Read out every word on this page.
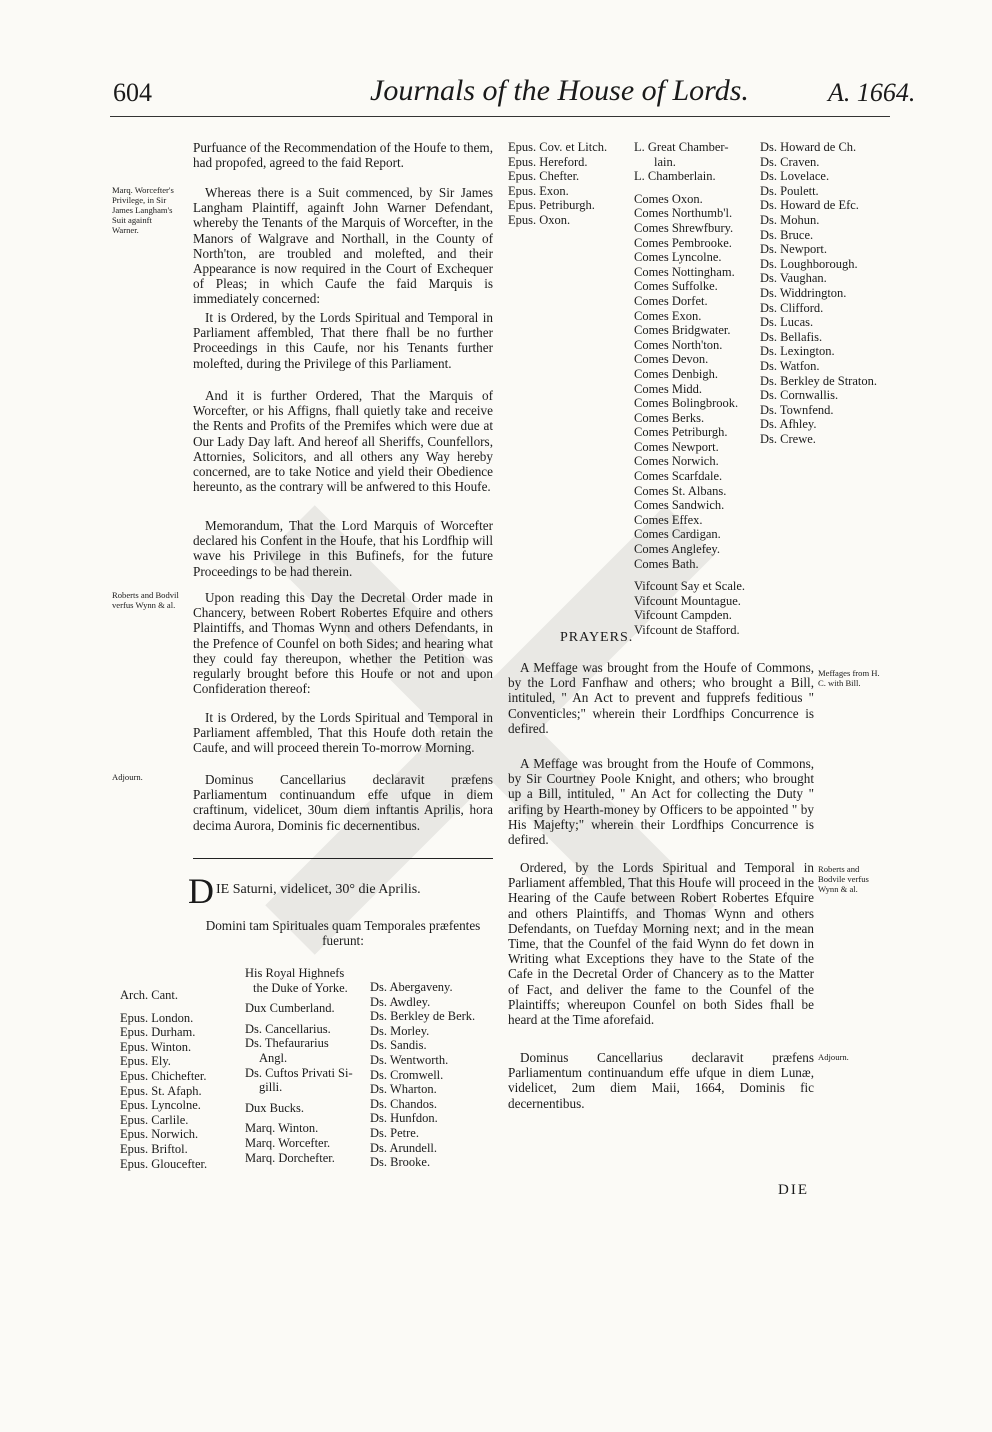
604	Journals of the House of Lords.	A. 1664.

Purfuance of the Recommendation of the Houfe to them, had propofed, agreed to the faid Report.

Marq. Worcefter's Privilege, in Sir James Langham's Suit againft Warner.

Whereas there is a Suit commenced, by Sir James Langham Plaintiff, againft John Warner Defendant, whereby the Tenants of the Marquis of Worcefter, in the Manors of Walgrave and Northall, in the County of North'ton, are troubled and molefted, and their Appearance is now required in the Court of Exchequer of Pleas; in which Caufe the faid Marquis is immediately concerned:

It is Ordered, by the Lords Spiritual and Temporal in Parliament affembled, That there fhall be no further Proceedings in this Caufe, nor his Tenants further molefted, during the Privilege of this Parliament.

And it is further Ordered, That the Marquis of Worcefter, or his Affigns, fhall quietly take and receive the Rents and Profits of the Premifes which were due at Our Lady Day laft. And hereof all Sheriffs, Counfellors, Attornies, Solicitors, and all others any Way hereby concerned, are to take Notice and yield their Obedience hereunto, as the contrary will be anfwered to this Houfe.

Memorandum, That the Lord Marquis of Worcefter declared his Confent in the Houfe, that his Lordfhip will wave his Privilege in this Bufinefs, for the future Proceedings to be had therein.

Roberts and Bodvil verfus Wynn & al.	Upon reading this Day the Decretal Order made in Chancery, between Robert Robertes Efquire and others Plaintiffs, and Thomas Wynn and others Defendants, in the Prefence of Counfel on both Sides; and hearing what they could fay thereupon, whether the Petition was regularly brought before this Houfe or not and upon Confideration thereof:

It is Ordered, by the Lords Spiritual and Temporal in Parliament affembled, That this Houfe doth retain the Caufe, and will proceed therein To-morrow Morning.

Adjourn.	Dominus Cancellarius declaravit præfens Parliamentum continuandum effe ufque in diem craftinum, videlicet, 30um diem inftantis Aprilis, hora decima Aurora, Dominis fic decernentibus.

D IE Saturni, videlicet, 30° die Aprilis.

Domini tam Spirituales quam Temporales præfentes fuerunt:

Arch. Cant.
Epus. London.
Epus. Durham.
Epus. Winton.
Epus. Ely.
Epus. Chichefter.
Epus. St. Afaph.
Epus. Lyncolne.
Epus. Carlile.
Epus. Norwich.
Epus. Briftol.
Epus. Gloucefter.
His Royal Highnefs
the Duke of Yorke.
Dux Cumberland.
Ds. Cancellarius.
Ds. Thefaurarius
Angl.
Ds. Cuftos Privati Si-
gilli.
Dux Bucks.
Marq. Winton.
Marq. Worcefter.
Marq. Dorchefter.
Ds. Abergaveny.
Ds. Awdley.
Ds. Berkley de Berk.
Ds. Morley.
Ds. Sandis.
Ds. Wentworth.
Ds. Cromwell.
Ds. Wharton.
Ds. Chandos.
Ds. Hunfdon.
Ds. Petre.
Ds. Arundell.
Ds. Brooke.
Epus. Cov. et Litch.
Epus. Hereford.
Epus. Chefter.
Epus. Exon.
Epus. Petriburgh.
Epus. Oxon.
L. Great Chamber-
lain.
L. Chamberlain.
Comes Oxon.
Comes Northumb'l.
Comes Shrewfbury.
Comes Pembrooke.
Comes Lyncolne.
Comes Nottingham.
Comes Suffolke.
Comes Dorfet.
Comes Exon.
Comes Bridgwater.
Comes North'ton.
Comes Devon.
Comes Denbigh.
Comes Midd.
Comes Bolingbrook.
Comes Berks.
Comes Petriburgh.
Comes Newport.
Comes Norwich.
Comes Scarfdale.
Comes St. Albans.
Comes Sandwich.
Comes Effex.
Comes Cardigan.
Comes Anglefey.
Comes Bath.
Vifcount Say et Scale.
Vifcount Mountague.
Vifcount Campden.
Vifcount de Stafford.
Ds. Howard de Ch.
Ds. Craven.
Ds. Lovelace.
Ds. Poulett.
Ds. Howard de Efc.
Ds. Mohun.
Ds. Bruce.
Ds. Newport.
Ds. Loughborough.
Ds. Vaughan.
Ds. Widdrington.
Ds. Clifford.
Ds. Lucas.
Ds. Bellafis.
Ds. Lexington.
Ds. Watfon.
Ds. Berkley de Straton.
Ds. Cornwallis.
Ds. Townfend.
Ds. Afhley.
Ds. Crewe.
PRAYERS.

A Meffage was brought from the Houfe of Commons, by the Lord Fanfhaw and others; who brought a Bill, intituled, " An Act to prevent and fupprefs feditious " Conventicles;" wherein their Lordfhips Concurrence is defired.

Meffages from H. C. with Bill.

A Meffage was brought from the Houfe of Commons, by Sir Courtney Poole Knight, and others; who brought up a Bill, intituled, " An Act for collecting the Duty " arifing by Hearth-money by Officers to be appointed " by His Majefty;" wherein their Lordfhips Concurrence is defired.

Ordered, by the Lords Spiritual and Temporal in Parliament affembled, That this Houfe will proceed in the Hearing of the Caufe between Robert Robertes Efquire and others Plaintiffs, and Thomas Wynn and others Defendants, on Tuefday Morning next; and in the mean Time, that the Counfel of the faid Wynn do fet down in Writing what Exceptions they have to the State of the Cafe in the Decretal Order of Chancery as to the Matter of Fact, and deliver the fame to the Counfel of the Plaintiffs; whereupon Counfel on both Sides fhall be heard at the Time aforefaid.

Roberts and Bodvile verfus Wynn & al.

Dominus Cancellarius declaravit præfens Parliamentum continuandum effe ufque in diem Lunæ, videlicet, 2um diem Maii, 1664, Dominis fic decernentibus.

Adjourn.
DIE
